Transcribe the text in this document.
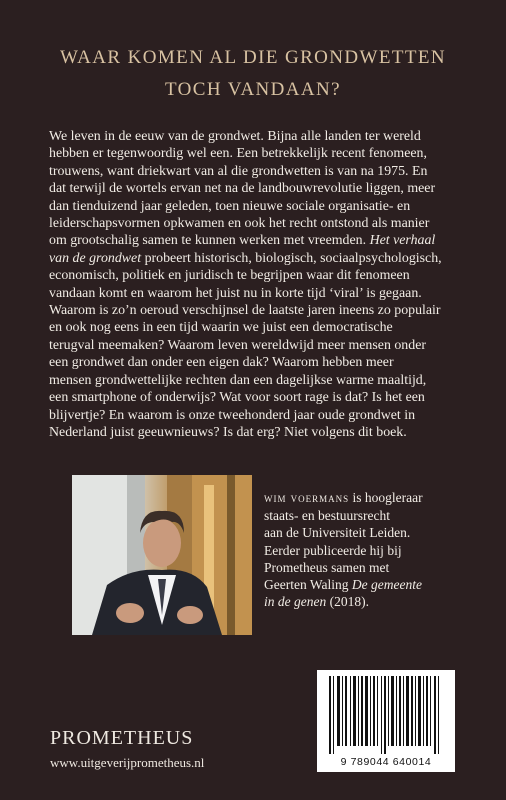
WAAR KOMEN AL DIE GRONDWETTEN
TOCH VANDAAN?
We leven in de eeuw van de grondwet. Bijna alle landen ter wereld
hebben er tegenwoordig wel een. Een betrekkelijk recent fenomeen,
trouwens, want driekwart van al die grondwetten is van na 1975. En
dat terwijl de wortels ervan net na de landbouwrevolutie liggen, meer
dan tienduizend jaar geleden, toen nieuwe sociale organisatie- en
leiderschapsvormen opkwamen en ook het recht ontstond als manier
om grootschalig samen te kunnen werken met vreemden. Het verhaal
van de grondwet probeert historisch, biologisch, sociaalpsychologisch,
economisch, politiek en juridisch te begrijpen waar dit fenomeen
vandaan komt en waarom het juist nu in korte tijd ‘viral’ is gegaan.
Waarom is zo’n oeroud verschijnsel de laatste jaren ineens zo populair
en ook nog eens in een tijd waarin we juist een democratische
terugval meemaken? Waarom leven wereldwijd meer mensen onder
een grondwet dan onder een eigen dak? Waarom hebben meer
mensen grondwettelijke rechten dan een dagelijkse warme maaltijd,
een smartphone of onderwijs? Wat voor soort rage is dat? Is het een
blijvertje? En waarom is onze tweehonderd jaar oude grondwet in
Nederland juist geeuwnieuws? Is dat erg? Niet volgens dit boek.
wim voermans is hoogleraar
staats- en bestuursrecht
aan de Universiteit Leiden.
Eerder publiceerde hij bij
Prometheus samen met
Geerten Waling De gemeente
in de genen (2018).
9 789044 640014
PROMETHEUS
www.uitgeverijprometheus.nl
